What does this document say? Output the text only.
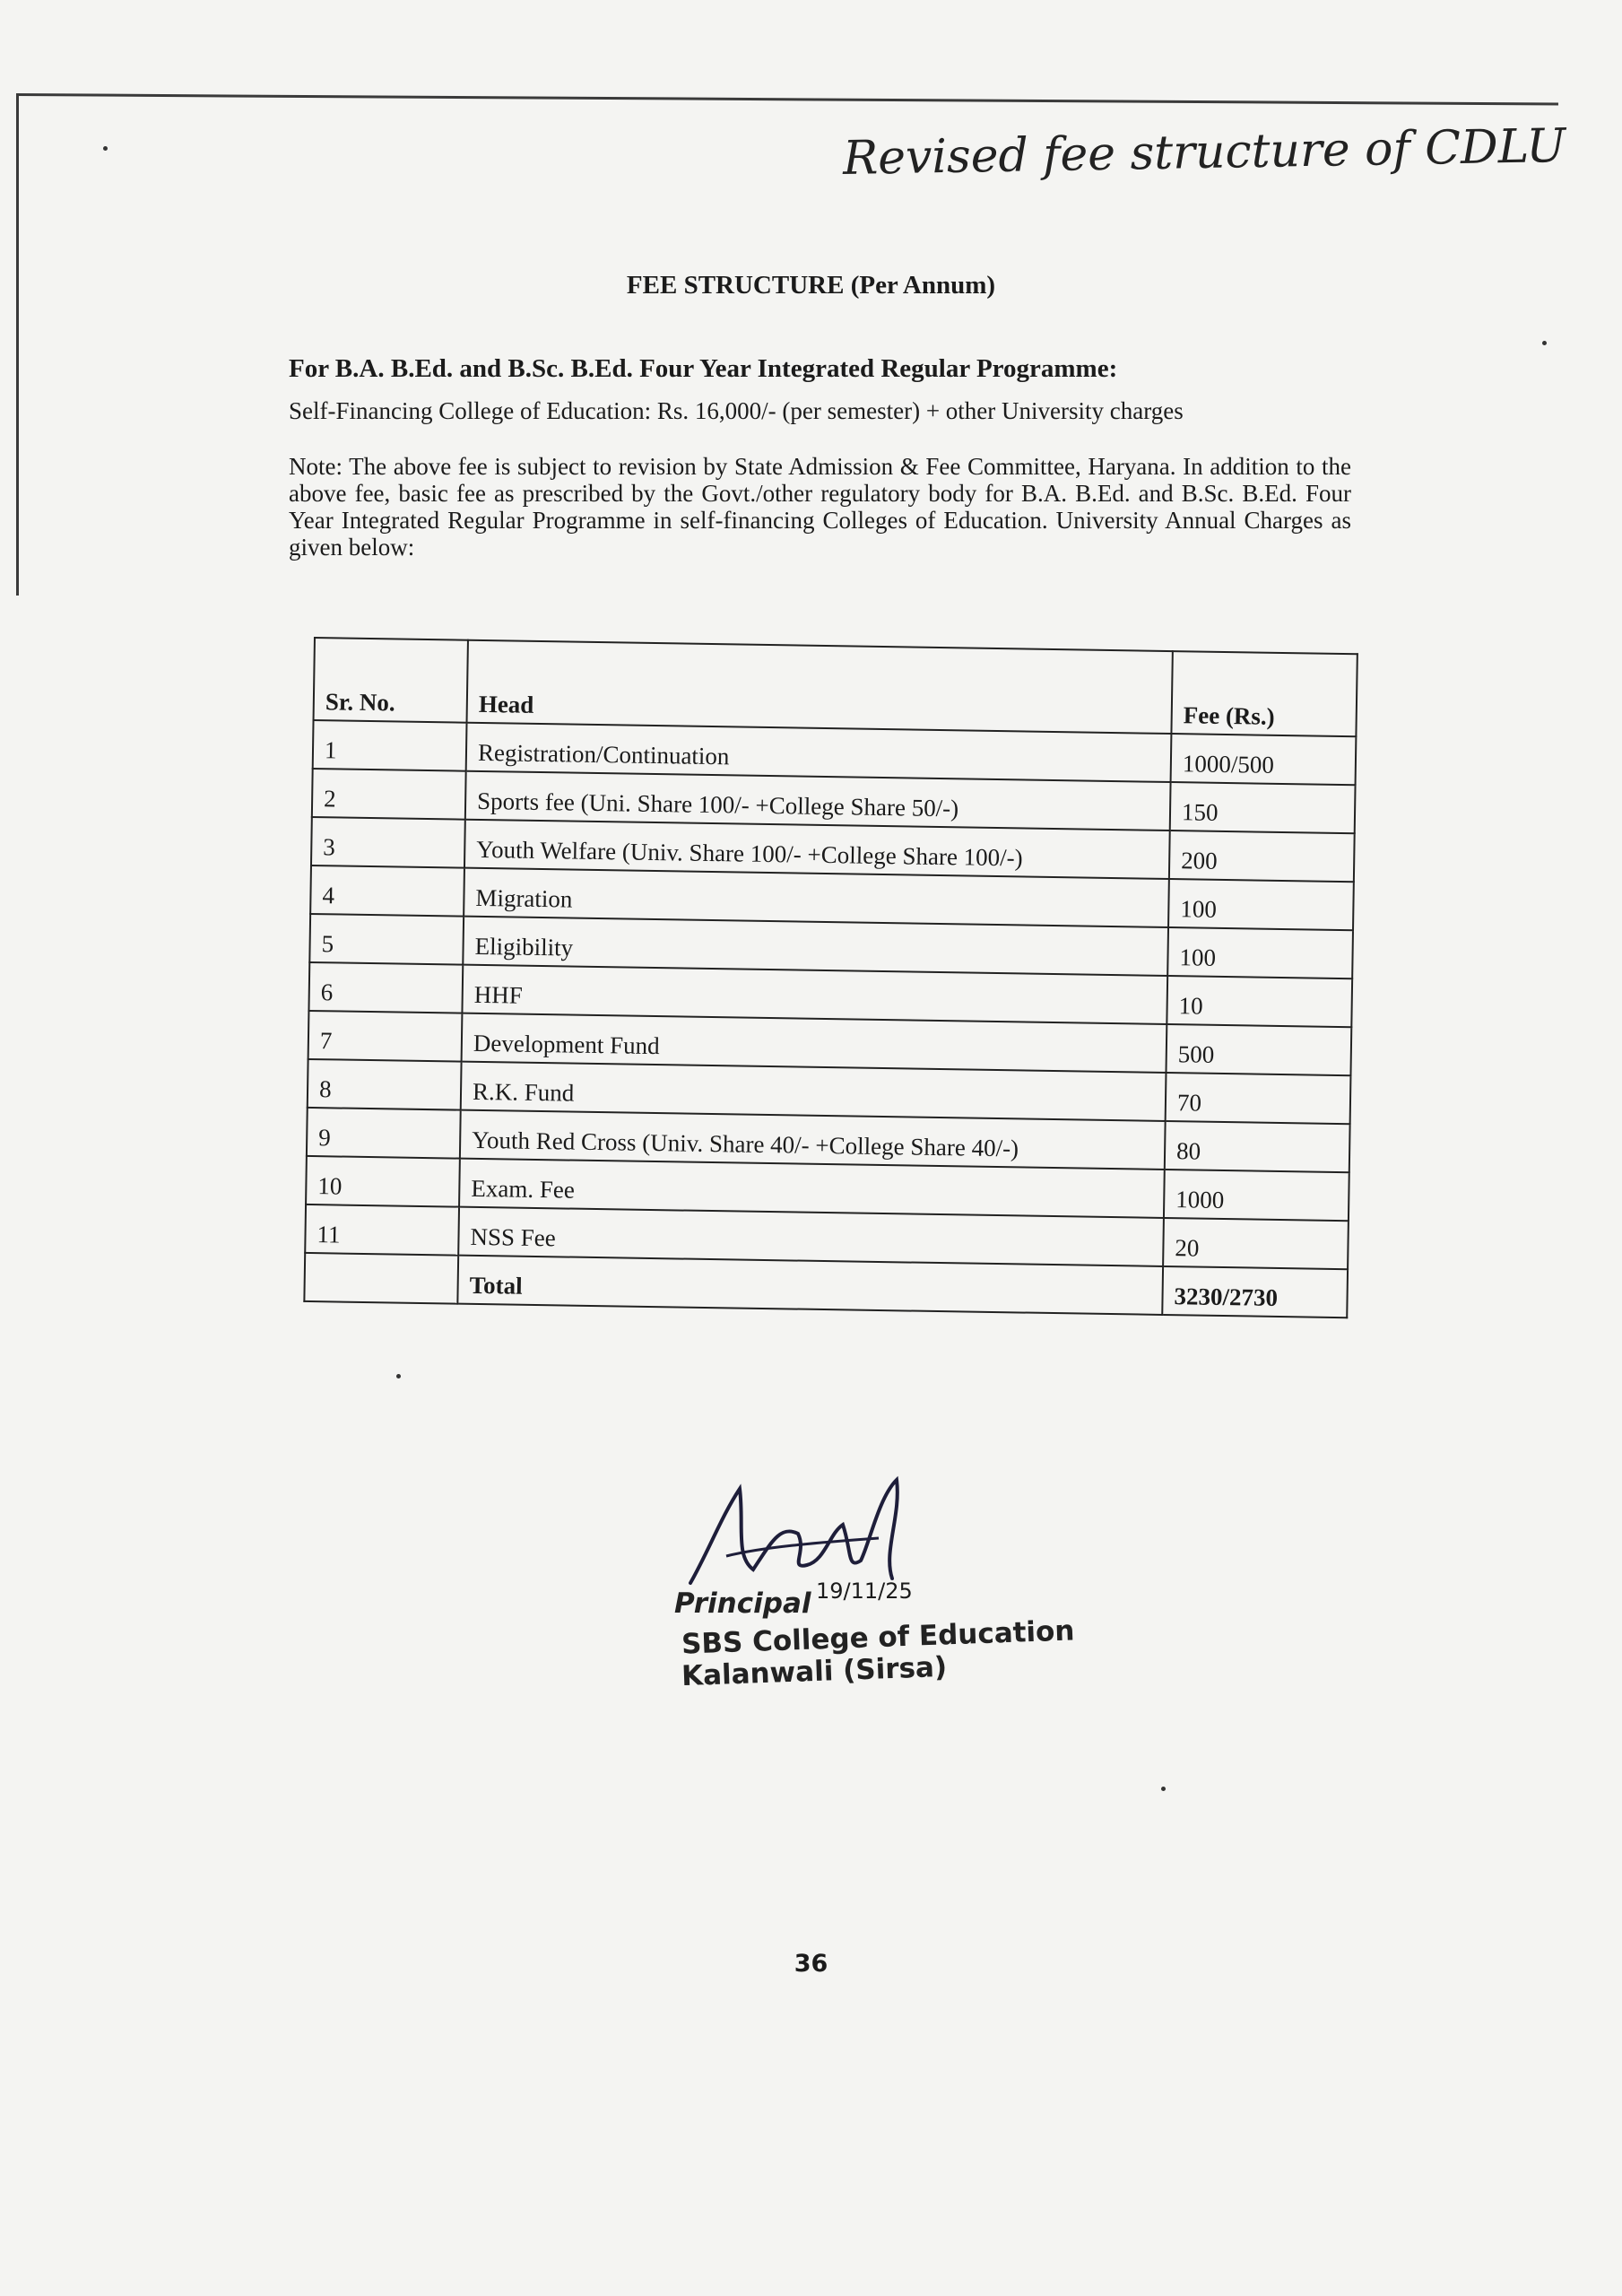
Revised fee structure of CDLU
FEE STRUCTURE (Per Annum)
For B.A. B.Ed. and B.Sc. B.Ed. Four Year Integrated Regular Programme:
Self-Financing College of Education: Rs. 16,000/- (per semester) + other University charges
Note: The above fee is subject to revision by State Admission & Fee Committee, Haryana. In addition to the above fee, basic fee as prescribed by the Govt./other regulatory body for B.A. B.Ed. and B.Sc. B.Ed. Four Year Integrated Regular Programme in self-financing Colleges of Education. University Annual Charges as given below:
Sr. No.	Head	Fee (Rs.)
1	Registration/Continuation	1000/500
2	Sports fee (Uni. Share 100/- +College Share 50/-)	150
3	Youth Welfare (Univ. Share 100/- +College Share 100/-)	200
4	Migration	100
5	Eligibility	100
6	HHF	10
7	Development Fund	500
8	R.K. Fund	70
9	Youth Red Cross (Univ. Share 40/- +College Share 40/-)	80
10	Exam. Fee	1000
11	NSS Fee	20
	Total	3230/2730
19/11/25
Principal
SBS College of Education
Kalanwali (Sirsa)
36
